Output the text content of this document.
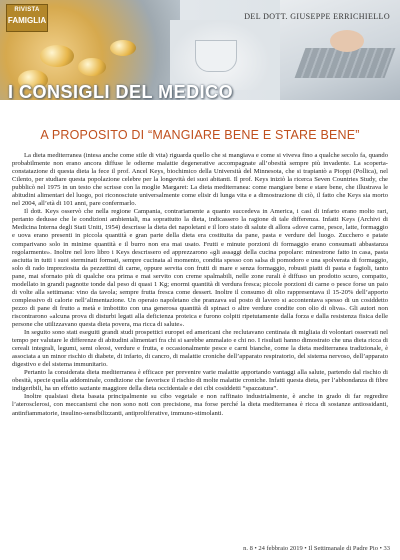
RIVISTA
FAMIGLIA	DEL DOTT. GIUSEPPE ERRICHIELLO
I CONSIGLI DEL MEDICO
A PROPOSITO DI “MANGIARE BENE E STARE BENE”

La dieta mediterranea (intesa anche come stile di vita) riguarda quello che si mangiava e come si viveva fino a qualche secolo fa, quando probabilmente non erano ancora diffuse le odierne malattie degenerative accompagnate all’obesità sempre più invadente. La scoperta-constatazione di questa dieta la fece il prof. Ancel Keys, biochimico della Università del Minnesota, che si trapiantò a Pioppi (Pollica), nel Cilento, per studiare questa popolazione celebre per la longevità dei suoi abitanti. Il prof. Keys iniziò la ricerca Seven Countries Study, che pubblicò nel 1975 in un testo che scrisse con la moglie Margaret: La dieta mediterranea: come mangiare bene e stare bene, che illustrava le abitudini alimentari del luogo, poi riconosciute universalmente come elisir di lunga vita e a dimostrazione di ciò, il fatto che Keys sia morto nel 2004, all’età di 101 anni, pare confermarlo.

Il dott. Keys osservò che nella regione Campania, contrariamente a quanto succedeva in America, i casi di infarto erano molto rari, pertanto dedusse che le condizioni ambientali, ma soprattutto la dieta, indicassero la ragione di tale differenza. Infatti Keys (Archivi di Medicina Interna degli Stati Uniti, 1954) descrisse la dieta dei napoletani e il loro stato di salute di allora «dove carne, pesce, latte, formaggio e uova erano presenti in piccola quantità e gran parte della dieta era costituita da pane, pasta e verdure del luogo. Zucchero e patate comparivano solo in minime quantità e il burro non era mai usato. Frutti e minute porzioni di formaggio erano consumati abbastanza regolarmente». Inoltre nel loro libro i Keys descrissero ed apprezzarono «gli assaggi della cucina popolare: minestrone fatto in casa, pasta asciutta in tutti i suoi sterminati formati, sempre cucinata al momento, condita spesso con salsa di pomodoro e una spolverata di formaggio, solo di rado impreziosita da pezzettini di carne, oppure servita con frutti di mare e senza formaggio, robusti piatti di pasta e fagioli, tanto pane, mai sfornato più di qualche ora prima e mai servito con creme spalmabili, nelle zone rurali è diffuso un prodotto scuro, compatto, modellato in grandi pagnotte tonde dal peso di quasi 1 Kg; enormi quantità di verdura fresca; piccole porzioni di carne o pesce forse un paio di volte alla settimana: vino da tavola; sempre frutta fresca come dessert. Inoltre il consumo di olio rappresentava il 15-20% dell’apporto complessivo di calorie nell’alimentazione. Un operaio napoletano che pranzava sul posto di lavoro si accontentava spesso di un cosiddetto pezzo di pane di frutto a metà e imbottito con una generosa quantità di spinaci o altre verdure condite con olio di oliva». Gli autori non riscontrarono «alcuna prova di disturbi legati alla deficienza proteica e furono colpiti ripetutamente dalla forza e dalla resistenza fisica delle persone che utilizzavano questa dieta povera, ma ricca di salute».

In seguito sono stati eseguiti grandi studi prospettici europei ed americani che reclutavano centinaia di migliaia di volontari osservati nel tempo per valutare le differenze di abitudini alimentari fra chi si sarebbe ammalato e chi no. I risultati hanno dimostrato che una dieta ricca di cereali integrali, legumi, semi oleosi, verdure e frutta, e occasionalmente pesce e carni bianche, come la dieta mediterranea tradizionale, è associata a un minor rischio di diabete, di infarto, di cancro, di malattie croniche dell’apparato respiratorio, del sistema nervoso, dell’apparato digestivo e del sistema immunitario.

Pertanto la considerata dieta mediterranea è efficace per prevenire varie malattie apportando vantaggi alla salute, partendo dal rischio di obesità, specie quella addominale, condizione che favorisce il rischio di molte malattie croniche. Infatti questa dieta, per l’abbondanza di fibre indigeribili, ha un effetto saziante maggiore della dieta occidentale e dei cibi cosiddetti “spazzatura”.

Inoltre qualsiasi dieta basata principalmente su cibo vegetale e non raffinato industrialmente, è anche in grado di far regredire l’aterosclerosi, con meccanismi che non sono noti con precisione, ma forse perché la dieta mediterranea è ricca di sostanze antiossidanti, antinfiammatorie, insulino-sensibilizzanti, antiproliferative, immuno-stimolanti.

n. 8 • 24 febbraio 2019 • Il Settimanale di Padre Pio • 33
